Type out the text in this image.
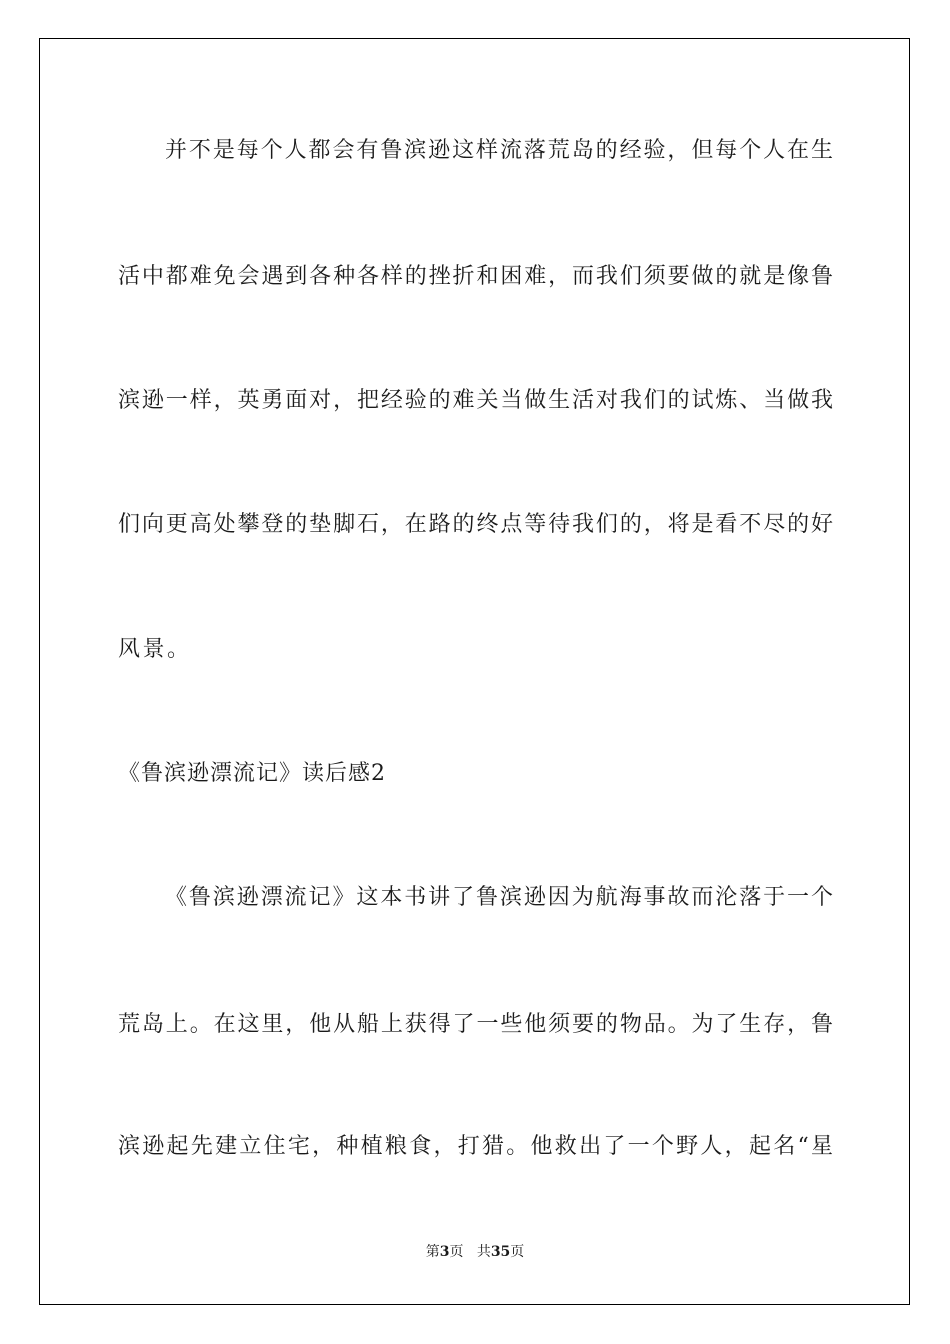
并不是每个人都会有鲁滨逊这样流落荒岛的经验，但每个人在生

活中都难免会遇到各种各样的挫折和困难，而我们须要做的就是像鲁

滨逊一样，英勇面对，把经验的难关当做生活对我们的试炼、当做我

们向更高处攀登的垫脚石，在路的终点等待我们的，将是看不尽的好

风景。

《鲁滨逊漂流记》读后感2

《鲁滨逊漂流记》这本书讲了鲁滨逊因为航海事故而沦落于一个

荒岛上。在这里，他从船上获得了一些他须要的物品。为了生存，鲁

滨逊起先建立住宅，种植粮食，打猎。他救出了一个野人，起名“星

第3页 共35页
